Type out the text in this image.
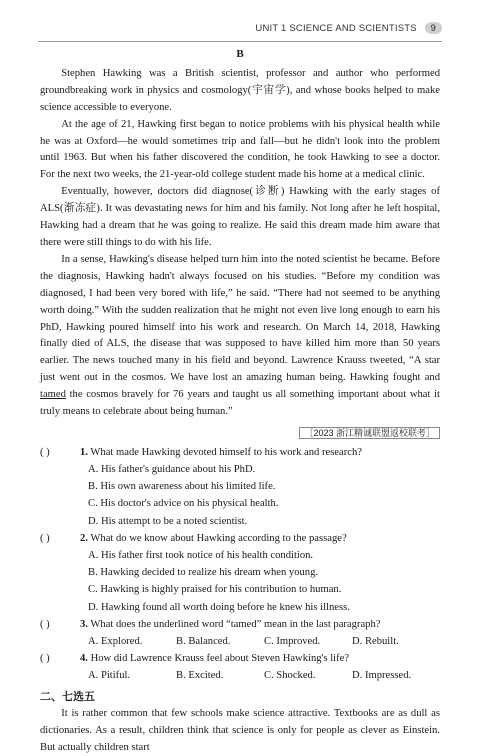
UNIT 1 SCIENCE AND SCIENTISTS	9
B

Stephen Hawking was a British scientist, professor and author who performed groundbreaking work in physics and cosmology(宇宙学), and whose books helped to make science accessible to everyone.

At the age of 21, Hawking first began to notice problems with his physical health while he was at Oxford—he would sometimes trip and fall—but he didn't look into the problem until 1963. But when his father discovered the condition, he took Hawking to see a doctor. For the next two weeks, the 21-year-old college student made his home at a medical clinic.

Eventually, however, doctors did diagnose(诊断) Hawking with the early stages of ALS(渐冻症). It was devastating news for him and his family. Not long after he left hospital, Hawking had a dream that he was going to realize. He said this dream made him aware that there were still things to do with his life.

In a sense, Hawking's disease helped turn him into the noted scientist he became. Before the diagnosis, Hawking hadn't always focused on his studies. “Before my condition was diagnosed, I had been very bored with life,” he said. “There had not seemed to be anything worth doing.” With the sudden realization that he might not even live long enough to earn his PhD, Hawking poured himself into his work and research. On March 14, 2018, Hawking finally died of ALS, the disease that was supposed to have killed him more than 50 years earlier. The news touched many in his field and beyond. Lawrence Krauss tweeted, “A star just went out in the cosmos. We have lost an amazing human being. Hawking fought and tamed the cosmos bravely for 76 years and taught us all something important about what it truly means to celebrate about being human.”

［2023 浙江精诚联盟返校联考］
( )	1. What made Hawking devoted himself to his work and research?
A. His father's guidance about his PhD.
B. His own awareness about his limited life.
C. His doctor's advice on his physical health.
D. His attempt to be a noted scientist.
( )	2. What do we know about Hawking according to the passage?
A. His father first took notice of his health condition.
B. Hawking decided to realize his dream when young.
C. Hawking is highly praised for his contribution to human.
D. Hawking found all worth doing before he knew his illness.
( )	3. What does the underlined word “tamed” mean in the last paragraph?
A. Explored.	B. Balanced.	C. Improved.	D. Rebuilt.
( )	4. How did Lawrence Krauss feel about Steven Hawking's life?
A. Pitiful.	B. Excited.	C. Shocked.	D. Impressed.
二、七选五

It is rather common that few schools make science attractive. Textbooks are as dull as dictionaries. As a result, children think that science is only for people as clever as Einstein. But actually children start
